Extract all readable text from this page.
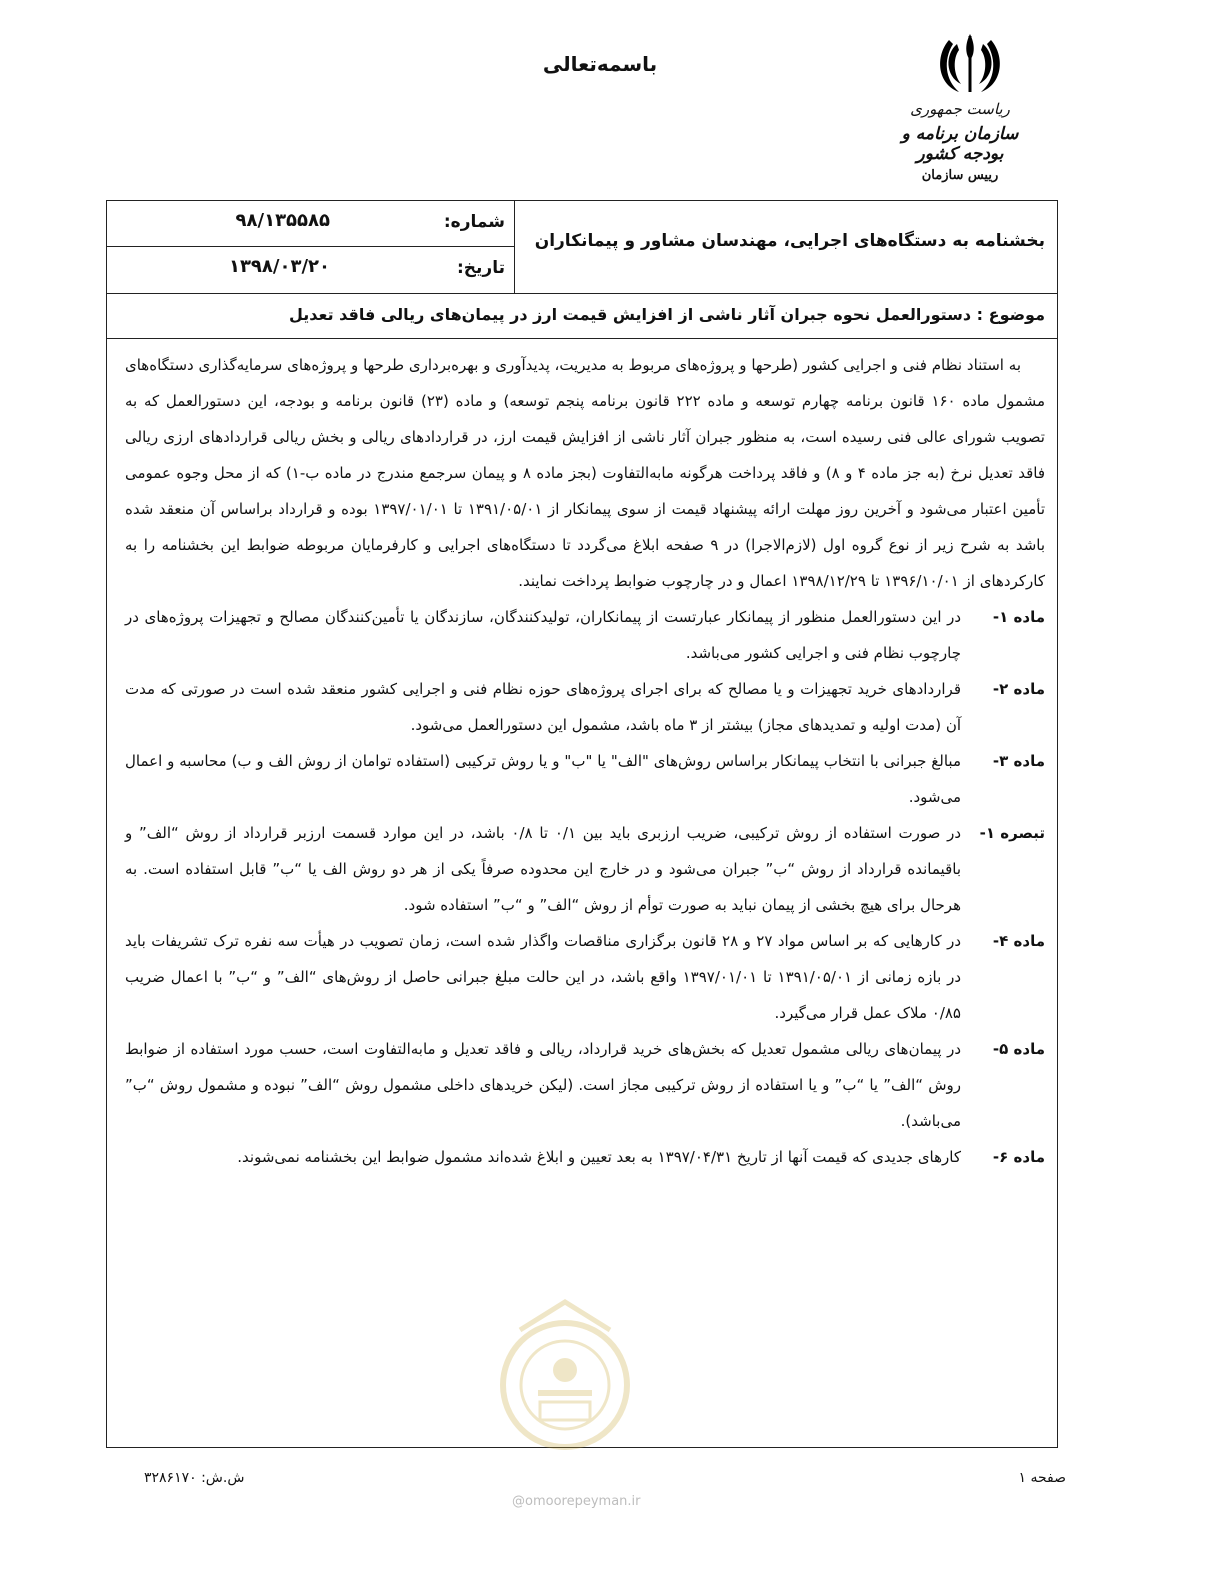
باسمه‌تعالی
ریاست جمهوری
سازمان برنامه و بودجه کشور
رییس سازمان
شماره:
۹۸/۱۳۵۵۸۵
تاریخ:
۱۳۹۸/۰۳/۲۰
بخشنامه به دستگاه‌های اجرایی، مهندسان مشاور و پیمانکاران
موضوع : دستورالعمل نحوه جبران آثار ناشی از افزایش قیمت ارز در پیمان‌های ریالی فاقد تعدیل

به استناد نظام فنی و اجرایی کشور (طرحها و پروژه‌های مربوط به مدیریت، پدیدآوری و بهره‌برداری طرحها و پروژه‌های سرمایه‌گذاری دستگاه‌های مشمول ماده ۱۶۰ قانون برنامه چهارم توسعه و ماده ۲۲۲ قانون برنامه پنجم توسعه) و ماده (۲۳) قانون برنامه و بودجه، این دستورالعمل که به تصویب شورای عالی فنی رسیده است، به منظور جبران آثار ناشی از افزایش قیمت ارز، در قراردادهای ریالی و بخش ریالی قراردادهای ارزی ریالی فاقد تعدیل نرخ (به جز ماده ۴ و ۸) و فاقد پرداخت هرگونه مابه‌التفاوت (بجز ماده ۸ و پیمان سرجمع مندرج در ماده ب-۱) که از محل وجوه عمومی تأمین اعتبار می‌شود و آخرین روز مهلت ارائه پیشنهاد قیمت از سوی پیمانکار از ۱۳۹۱/۰۵/۰۱ تا ۱۳۹۷/۰۱/۰۱ بوده و قرارداد براساس آن منعقد شده باشد به شرح زیر از نوع گروه اول (لازم‌الاجرا) در ۹ صفحه ابلاغ می‌گردد تا دستگاه‌های اجرایی و کارفرمایان مربوطه ضوابط این بخشنامه را به کارکردهای از ۱۳۹۶/۱۰/۰۱ تا ۱۳۹۸/۱۲/۲۹ اعمال و در چارچوب ضوابط پرداخت نمایند.

ماده ۱-
در این دستورالعمل منظور از پیمانکار عبارتست از پیمانکاران، تولیدکنندگان، سازندگان یا تأمین‌کنندگان مصالح و تجهیزات پروژه‌های در چارچوب نظام فنی و اجرایی کشور می‌باشد.
ماده ۲-
قراردادهای خرید تجهیزات و یا مصالح که برای اجرای پروژه‌های حوزه نظام فنی و اجرایی کشور منعقد شده است در صورتی که مدت آن (مدت اولیه و تمدیدهای مجاز) بیشتر از ۳ ماه باشد، مشمول این دستورالعمل می‌شود.
ماده ۳-
مبالغ جبرانی با انتخاب پیمانکار براساس روش‌های "الف" یا "ب" و یا روش ترکیبی (استفاده توامان از روش الف و ب) محاسبه و اعمال می‌شود.
تبصره ۱-
در صورت استفاده از روش ترکیبی، ضریب ارزبری باید بین ۰/۱ تا ۰/۸ باشد، در این موارد قسمت ارزبر قرارداد از روش “الف” و باقیمانده قرارداد از روش “ب” جبران می‌شود و در خارج این محدوده صرفاً یکی از هر دو روش الف یا “ب” قابل استفاده است. به هرحال برای هیچ بخشی از پیمان نباید به صورت توأم از روش “الف” و “ب” استفاده شود.
ماده ۴-
در کارهایی که بر اساس مواد ۲۷ و ۲۸ قانون برگزاری مناقصات واگذار شده است، زمان تصویب در هیأت سه نفره ترک تشریفات باید در بازه زمانی از ۱۳۹۱/۰۵/۰۱ تا ۱۳۹۷/۰۱/۰۱ واقع باشد، در این حالت مبلغ جبرانی حاصل از روش‌های “الف” و “ب” با اعمال ضریب ۰/۸۵ ملاک عمل قرار می‌گیرد.
ماده ۵-
در پیمان‌های ریالی مشمول تعدیل که بخش‌های خرید قرارداد، ریالی و فاقد تعدیل و مابه‌التفاوت است، حسب مورد استفاده از ضوابط روش “الف” یا “ب” و یا استفاده از روش ترکیبی مجاز است. (لیکن خریدهای داخلی مشمول روش “الف” نبوده و مشمول روش “ب” می‌باشد).
ماده ۶-
کارهای جدیدی که قیمت آنها از تاریخ ۱۳۹۷/۰۴/۳۱ به بعد تعیین و ابلاغ شده‌اند مشمول ضوابط این بخشنامه نمی‌شوند.
@omoorepeyman.ir
صفحه ۱
ش.ش: ۳۲۸۶۱۷۰
